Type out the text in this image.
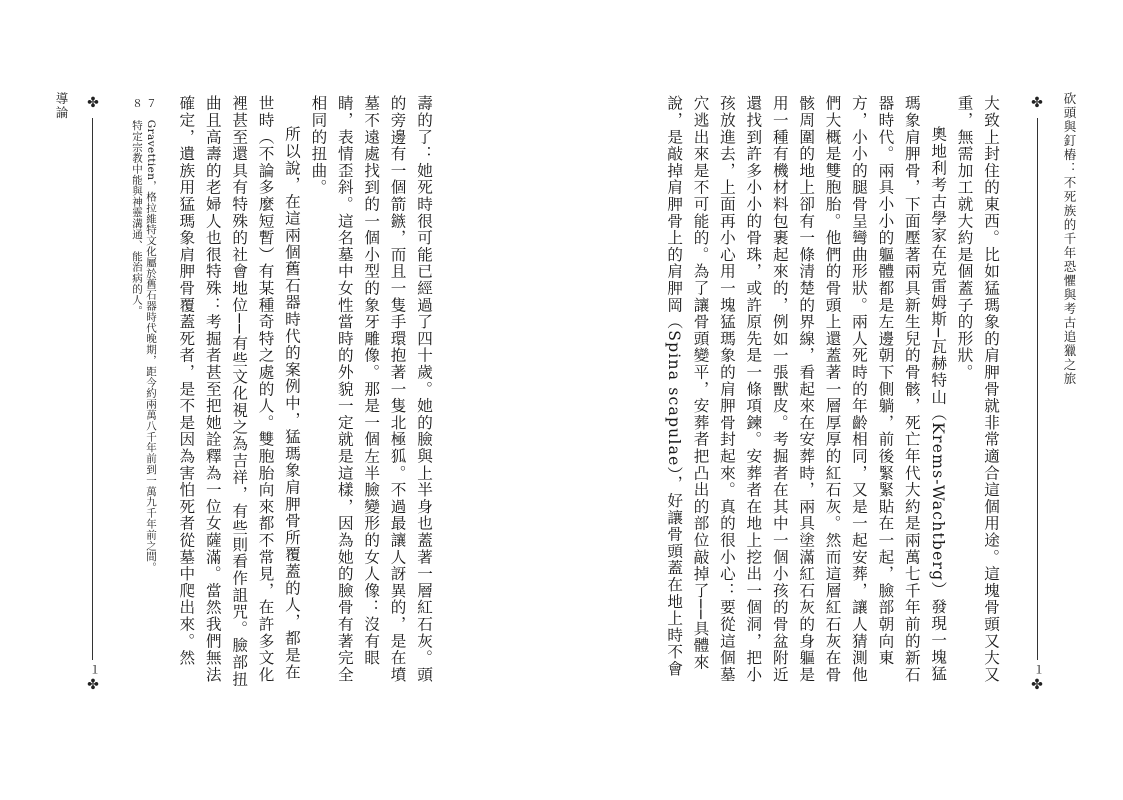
砍頭與釘樁：不死族的千年恐懼與考古追獵之旅
✤
１
✤

大致上封住的東西。比如猛瑪象的肩胛骨就非常適合這個用途。這塊骨頭又大又重，無需加工就大約是個蓋子的形狀。

奧地利考古學家在克雷姆斯─瓦赫特山（Krems-Wachtberg）發現一塊猛瑪象肩胛骨，下面壓著兩具新生兒的骨骸，死亡年代大約是兩萬七千年前的新石器時代。兩具小小的軀體都是左邊朝下側躺，前後緊緊貼在一起，臉部朝向東方，小小的腿骨呈彎曲形狀。兩人死時的年齡相同，又是一起安葬，讓人猜測他們大概是雙胞胎。他們的骨頭上還蓋著一層厚厚的紅石灰。然而這層紅石灰在骨骸周圍的地上卻有一條清楚的界線，看起來在安葬時，兩具塗滿紅石灰的身軀是用一種有機材料包裹起來的，例如一張獸皮。考掘者在其中一個小孩的骨盆附近還找到許多小小的骨珠，或許原先是一條項鍊。安葬者在地上挖出一個洞，把小孩放進去，上面再小心用一塊猛瑪象的肩胛骨封起來。真的很小心：要從這個墓穴逃出來是不可能的。為了讓骨頭變平，安葬者把凸出的部位敲掉了──具體來說，是敲掉肩胛骨上的肩胛岡（Spina scapulae），好讓骨頭蓋在地上時不會

壽的了：她死時很可能已經過了四十歲。她的臉與上半身也蓋著一層紅石灰。頭的旁邊有一個箭鏃，而且一隻手環抱著一隻北極狐。不過最讓人訝異的，是在墳墓不遠處找到的一個小型的象牙雕像。那是一個左半臉變形的女人像：沒有眼睛，表情歪斜。這名墓中女性當時的外貌一定就是這樣，因為她的臉骨有著完全相同的扭曲。

所以說，在這兩個舊石器時代的案例中，猛瑪象肩胛骨所覆蓋的人，都是在世時（不論多麼短暫）有某種奇特之處的人。雙胞胎向來都不常見，在許多文化裡甚至還具有特殊的社會地位──有些文化視之為吉祥，有些則看作詛咒。臉部扭曲且高壽的老婦人也很特殊：考掘者甚至把她詮釋為一位女薩滿。當然我們無法確定，遺族用猛瑪象肩胛骨覆蓋死者，是不是因為害怕死者從墓中爬出來。然

７　Gravettien，格拉維特文化屬於舊石器時代晚期，距今約兩萬八千年前到一萬九千年前之間。

８　特定宗教中能與神靈溝通、能治病的人。

✤
導論
１
✤
